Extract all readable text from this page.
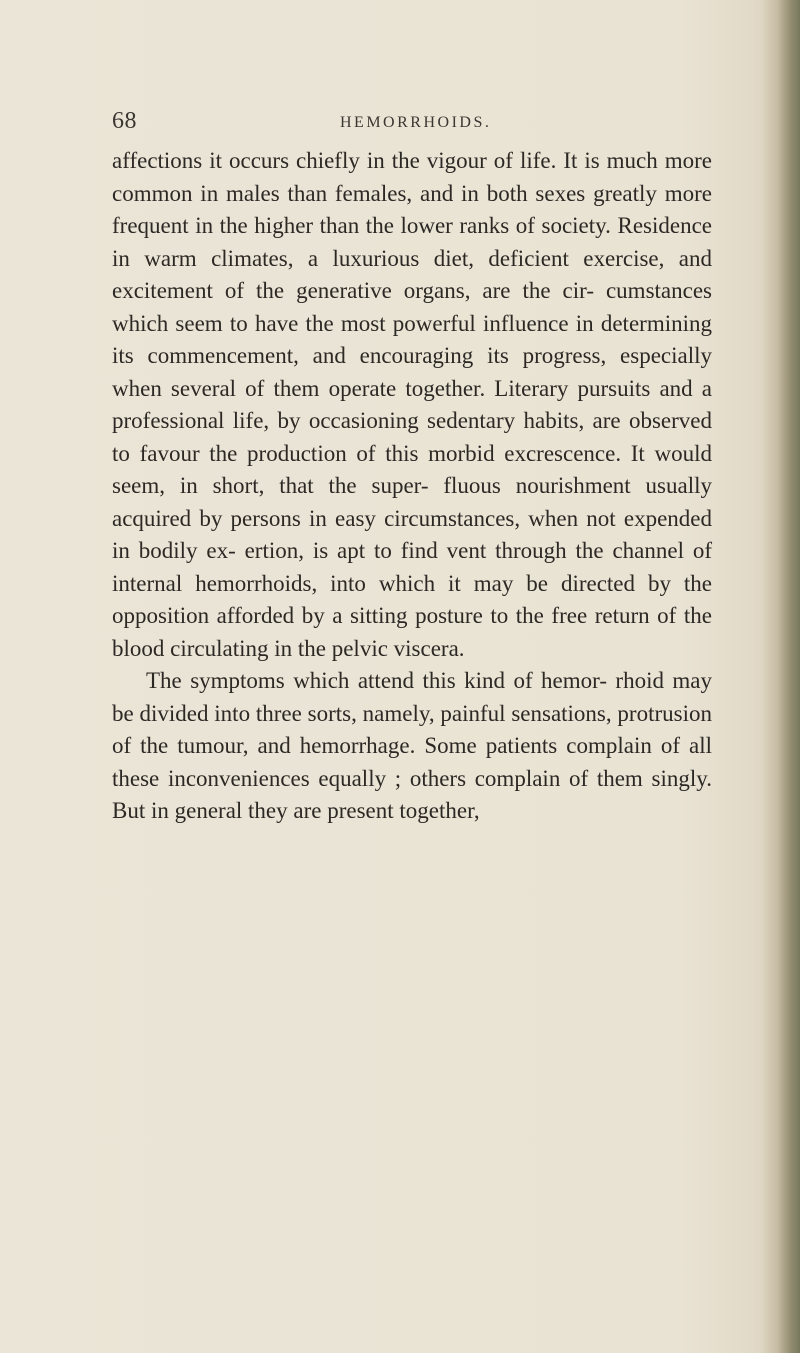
68	HEMORRHOIDS.

affections it occurs chiefly in the vigour of life. It is much more common in males than females, and in both sexes greatly more frequent in the higher than the lower ranks of society. Residence in warm climates, a luxurious diet, deficient exercise, and excitement of the generative organs, are the cir- cumstances which seem to have the most powerful influence in determining its commencement, and encouraging its progress, especially when several of them operate together. Literary pursuits and a professional life, by occasioning sedentary habits, are observed to favour the production of this morbid excrescence. It would seem, in short, that the super- fluous nourishment usually acquired by persons in easy circumstances, when not expended in bodily ex- ertion, is apt to find vent through the channel of internal hemorrhoids, into which it may be directed by the opposition afforded by a sitting posture to the free return of the blood circulating in the pelvic viscera.

The symptoms which attend this kind of hemor- rhoid may be divided into three sorts, namely, painful sensations, protrusion of the tumour, and hemorrhage. Some patients complain of all these inconveniences equally ; others complain of them singly. But in general they are present together,
